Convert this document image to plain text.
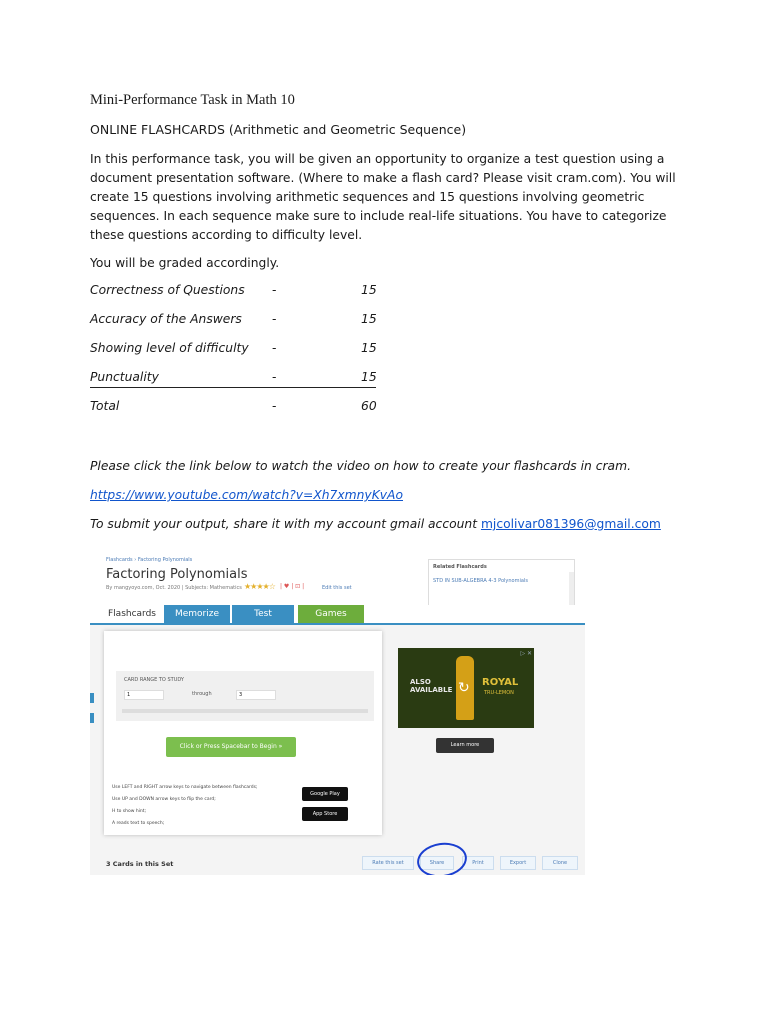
Mini-Performance Task in Math 10
ONLINE FLASHCARDS (Arithmetic and Geometric Sequence)
In this performance task, you will be given an opportunity to organize a test question using a document presentation software. (Where to make a flash card? Please visit cram.com). You will create 15 questions involving arithmetic sequences and 15 questions involving geometric sequences. In each sequence make sure to include real-life situations. You have to categorize these questions according to difficulty level.
You will be graded accordingly.
Correctness of Questions -	15
Accuracy of the Answers -	15
Showing level of difficulty -	15
Punctuality	-	15
Total	-	60
Please click the link below to watch the video on how to create your flashcards in cram.
https://www.youtube.com/watch?v=Xh7xmnyKvAo
To submit your output, share it with my account gmail account mjcolivar081396@gmail.com
Flashcards › Factoring Polynomials
Factoring Polynomials
By mangyoyo.com, Oct. 2020 | Subjects: Mathematics ★★★★☆ | ♥ | ⊡ |	Edit this set
Related Flashcards
STD IN SUB-ALGEBRA 4-3 Polynomials
Flashcards	Memorize	Test	Games
CARD RANGE TO STUDY
1	through	3
Click or Press Spacebar to Begin »
Use LEFT and RIGHT arrow keys to navigate between flashcards;
Use UP and DOWN arrow keys to flip the card;
H to show hint;
A reads text to speech;
Google Play
App Store
ALSO AVAILABLE
ROYAL
TRU-LEMON
↻
▷ ✕
Learn more
3 Cards in this Set	Rate this set	Share	Print	Export	Clone
